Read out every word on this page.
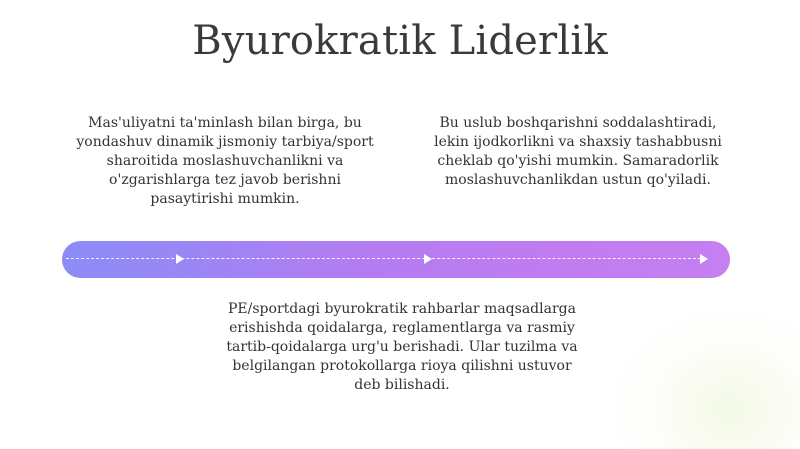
Byurokratik Liderlik
Mas'uliyatni ta'minlash bilan birga, bu yondashuv dinamik jismoniy tarbiya/sport sharoitida moslashuvchanlikni va o'zgarishlarga tez javob berishni pasaytirishi mumkin.
Bu uslub boshqarishni soddalashtiradi, lekin ijodkorlikni va shaxsiy tashabbusni cheklab qo'yishi mumkin. Samaradorlik moslashuvchanlikdan ustun qo'yiladi.
PE/sportdagi byurokratik rahbarlar maqsadlarga erishishda qoidalarga, reglamentlarga va rasmiy tartib-qoidalarga urg'u berishadi. Ular tuzilma va belgilangan protokollarga rioya qilishni ustuvor deb bilishadi.
